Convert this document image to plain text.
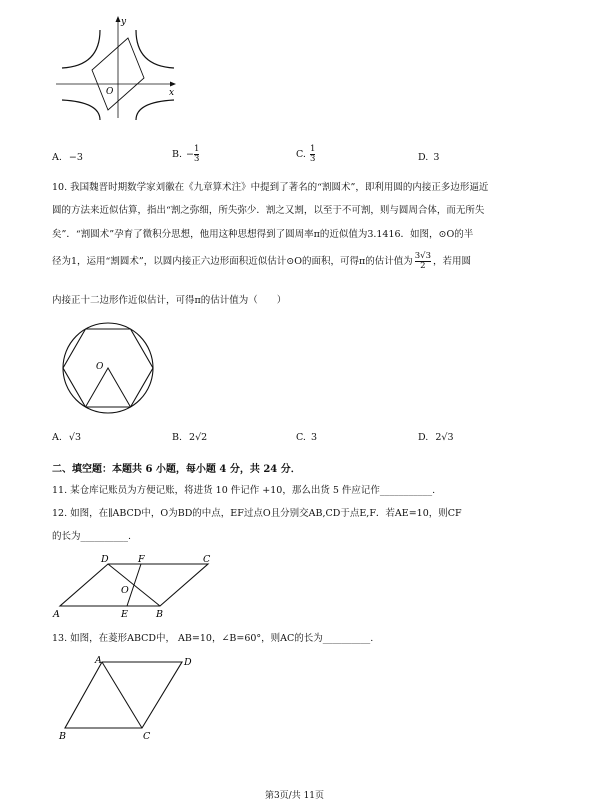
x
y
O
A. −3	B. − $\frac{1}{3}$	C. $\frac{1}{3}$	D. 3
10. 我国魏晋时期数学家刘徽在《九章算术注》中提到了著名的“割圆术”，即利用圆的内接正多边形逼近
圆的方法来近似估算，指出“割之弥细，所失弥少．割之又割，以至于不可割，则与圆周合体，而无所失
矣”．“割圆术”孕育了微积分思想，他用这种思想得到了圆周率π的近似值为3.1416．如图，⊙O的半
径为1，运用“割圆术”，以圆内接正六边形面积近似估计⊙O的面积，可得π的估计值为 $\frac{3√3}{2}$ ，若用圆
内接正十二边形作近似估计，可得π的估计值为（　　）
O
A. √3	B. 2√2	C. 3	D. 2√3
二、填空题：本题共 6 小题，每小题 4 分，共 24 分．
11. 某仓库记账员为方便记账，将进货 10 件记作 +10，那么出货 5 件应记作___________.
12. 如图，在∥ABCD中，O为BD的中点，EF过点O且分别交AB,CD于点E,F．若AE=10，则CF
的长为__________.
D	F	C
O
A	E	B
13. 如图，在菱形ABCD中， AB=10，∠B=60°，则AC的长为__________.
A	D
B	C
第3页/共 11页
